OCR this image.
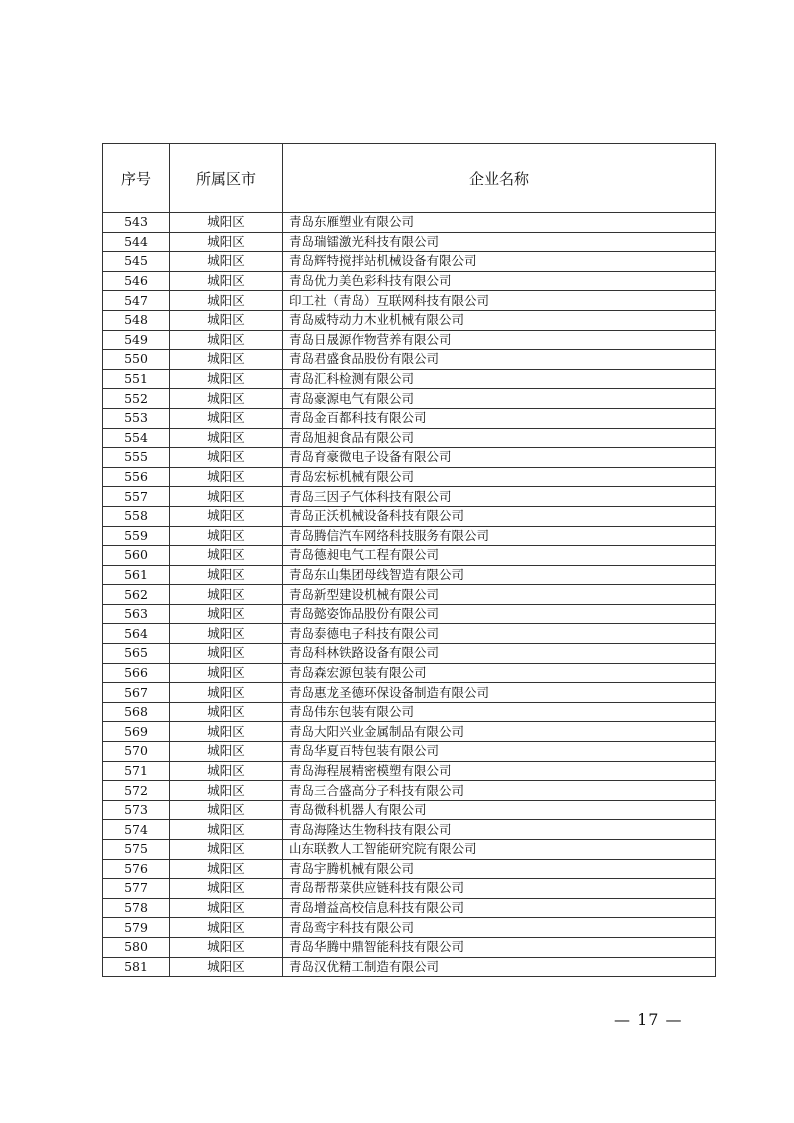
序号	所属区市	企业名称
543	城阳区	青岛东雁塑业有限公司
544	城阳区	青岛瑞镭激光科技有限公司
545	城阳区	青岛辉特搅拌站机械设备有限公司
546	城阳区	青岛优力美色彩科技有限公司
547	城阳区	印工社（青岛）互联网科技有限公司
548	城阳区	青岛威特动力木业机械有限公司
549	城阳区	青岛日晟源作物营养有限公司
550	城阳区	青岛君盛食品股份有限公司
551	城阳区	青岛汇科检测有限公司
552	城阳区	青岛豪源电气有限公司
553	城阳区	青岛金百都科技有限公司
554	城阳区	青岛旭昶食品有限公司
555	城阳区	青岛育豪微电子设备有限公司
556	城阳区	青岛宏标机械有限公司
557	城阳区	青岛三因子气体科技有限公司
558	城阳区	青岛正沃机械设备科技有限公司
559	城阳区	青岛腾信汽车网络科技服务有限公司
560	城阳区	青岛德昶电气工程有限公司
561	城阳区	青岛东山集团母线智造有限公司
562	城阳区	青岛新型建设机械有限公司
563	城阳区	青岛懿姿饰品股份有限公司
564	城阳区	青岛泰德电子科技有限公司
565	城阳区	青岛科林铁路设备有限公司
566	城阳区	青岛森宏源包装有限公司
567	城阳区	青岛惠龙圣德环保设备制造有限公司
568	城阳区	青岛伟东包装有限公司
569	城阳区	青岛大阳兴业金属制品有限公司
570	城阳区	青岛华夏百特包装有限公司
571	城阳区	青岛海程展精密模塑有限公司
572	城阳区	青岛三合盛高分子科技有限公司
573	城阳区	青岛微科机器人有限公司
574	城阳区	青岛海隆达生物科技有限公司
575	城阳区	山东联教人工智能研究院有限公司
576	城阳区	青岛宇腾机械有限公司
577	城阳区	青岛帮帮菜供应链科技有限公司
578	城阳区	青岛增益高校信息科技有限公司
579	城阳区	青岛鸾宇科技有限公司
580	城阳区	青岛华腾中鼎智能科技有限公司
581	城阳区	青岛汉优精工制造有限公司
— 17 —
